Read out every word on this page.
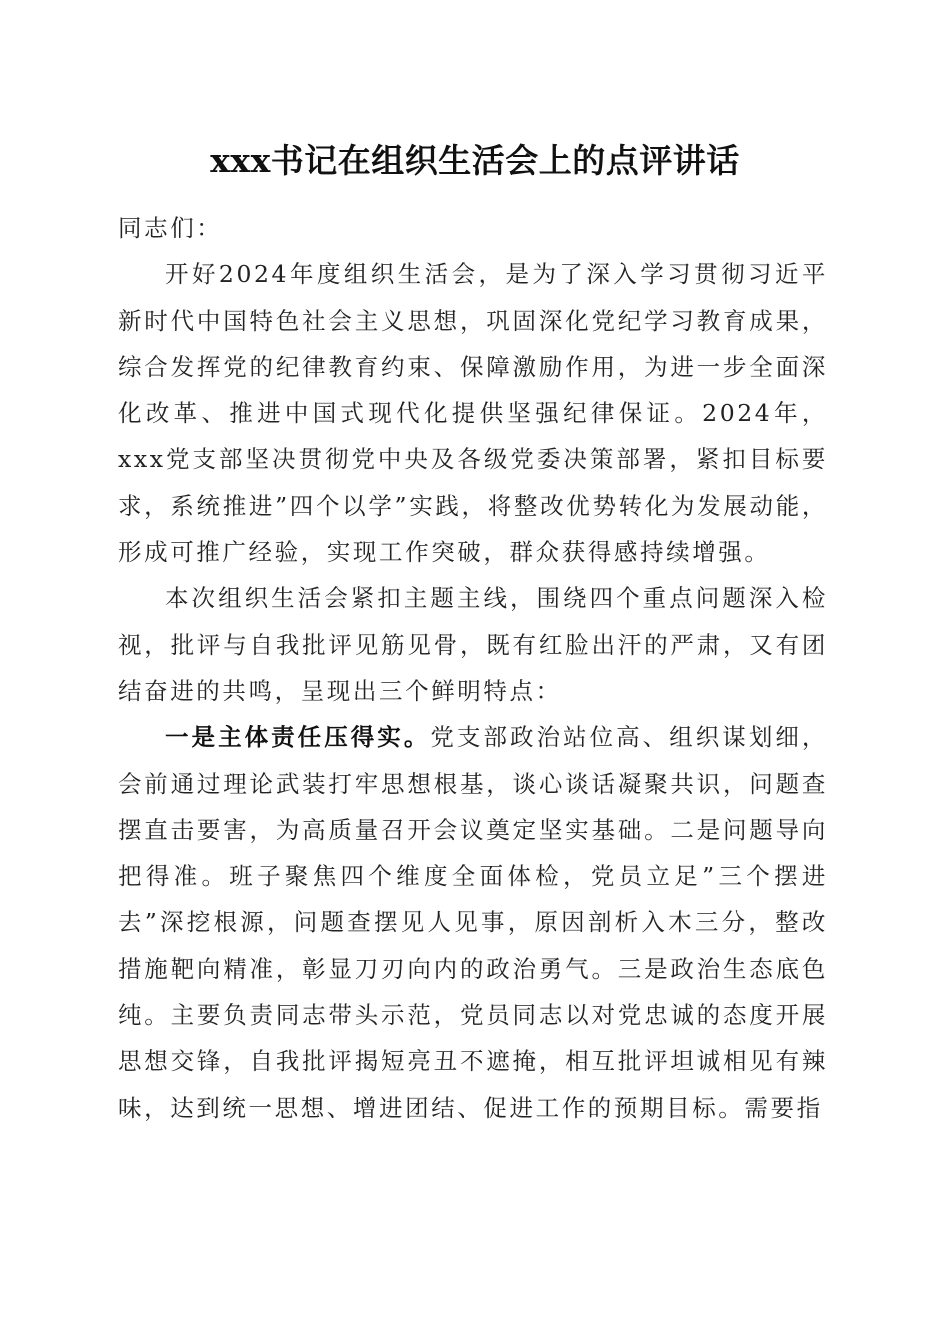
xxx书记在组织生活会上的点评讲话

同志们：

开好2024年度组织生活会，是为了深入学习贯彻习近平新时代中国特色社会主义思想，巩固深化党纪学习教育成果，综合发挥党的纪律教育约束、保障激励作用，为进一步全面深化改革、推进中国式现代化提供坚强纪律保证。2024年，xxx党支部坚决贯彻党中央及各级党委决策部署，紧扣目标要求，系统推进”四个以学”实践，将整改优势转化为发展动能，形成可推广经验，实现工作突破，群众获得感持续增强。

本次组织生活会紧扣主题主线，围绕四个重点问题深入检视，批评与自我批评见筋见骨，既有红脸出汗的严肃，又有团结奋进的共鸣，呈现出三个鲜明特点：

一是主体责任压得实。党支部政治站位高、组织谋划细，会前通过理论武装打牢思想根基，谈心谈话凝聚共识，问题查摆直击要害，为高质量召开会议奠定坚实基础。二是问题导向把得准。班子聚焦四个维度全面体检，党员立足”三个摆进去”深挖根源，问题查摆见人见事，原因剖析入木三分，整改措施靶向精准，彰显刀刃向内的政治勇气。三是政治生态底色纯。主要负责同志带头示范，党员同志以对党忠诚的态度开展思想交锋，自我批评揭短亮丑不遮掩，相互批评坦诚相见有辣味，达到统一思想、增进团结、促进工作的预期目标。需要指
